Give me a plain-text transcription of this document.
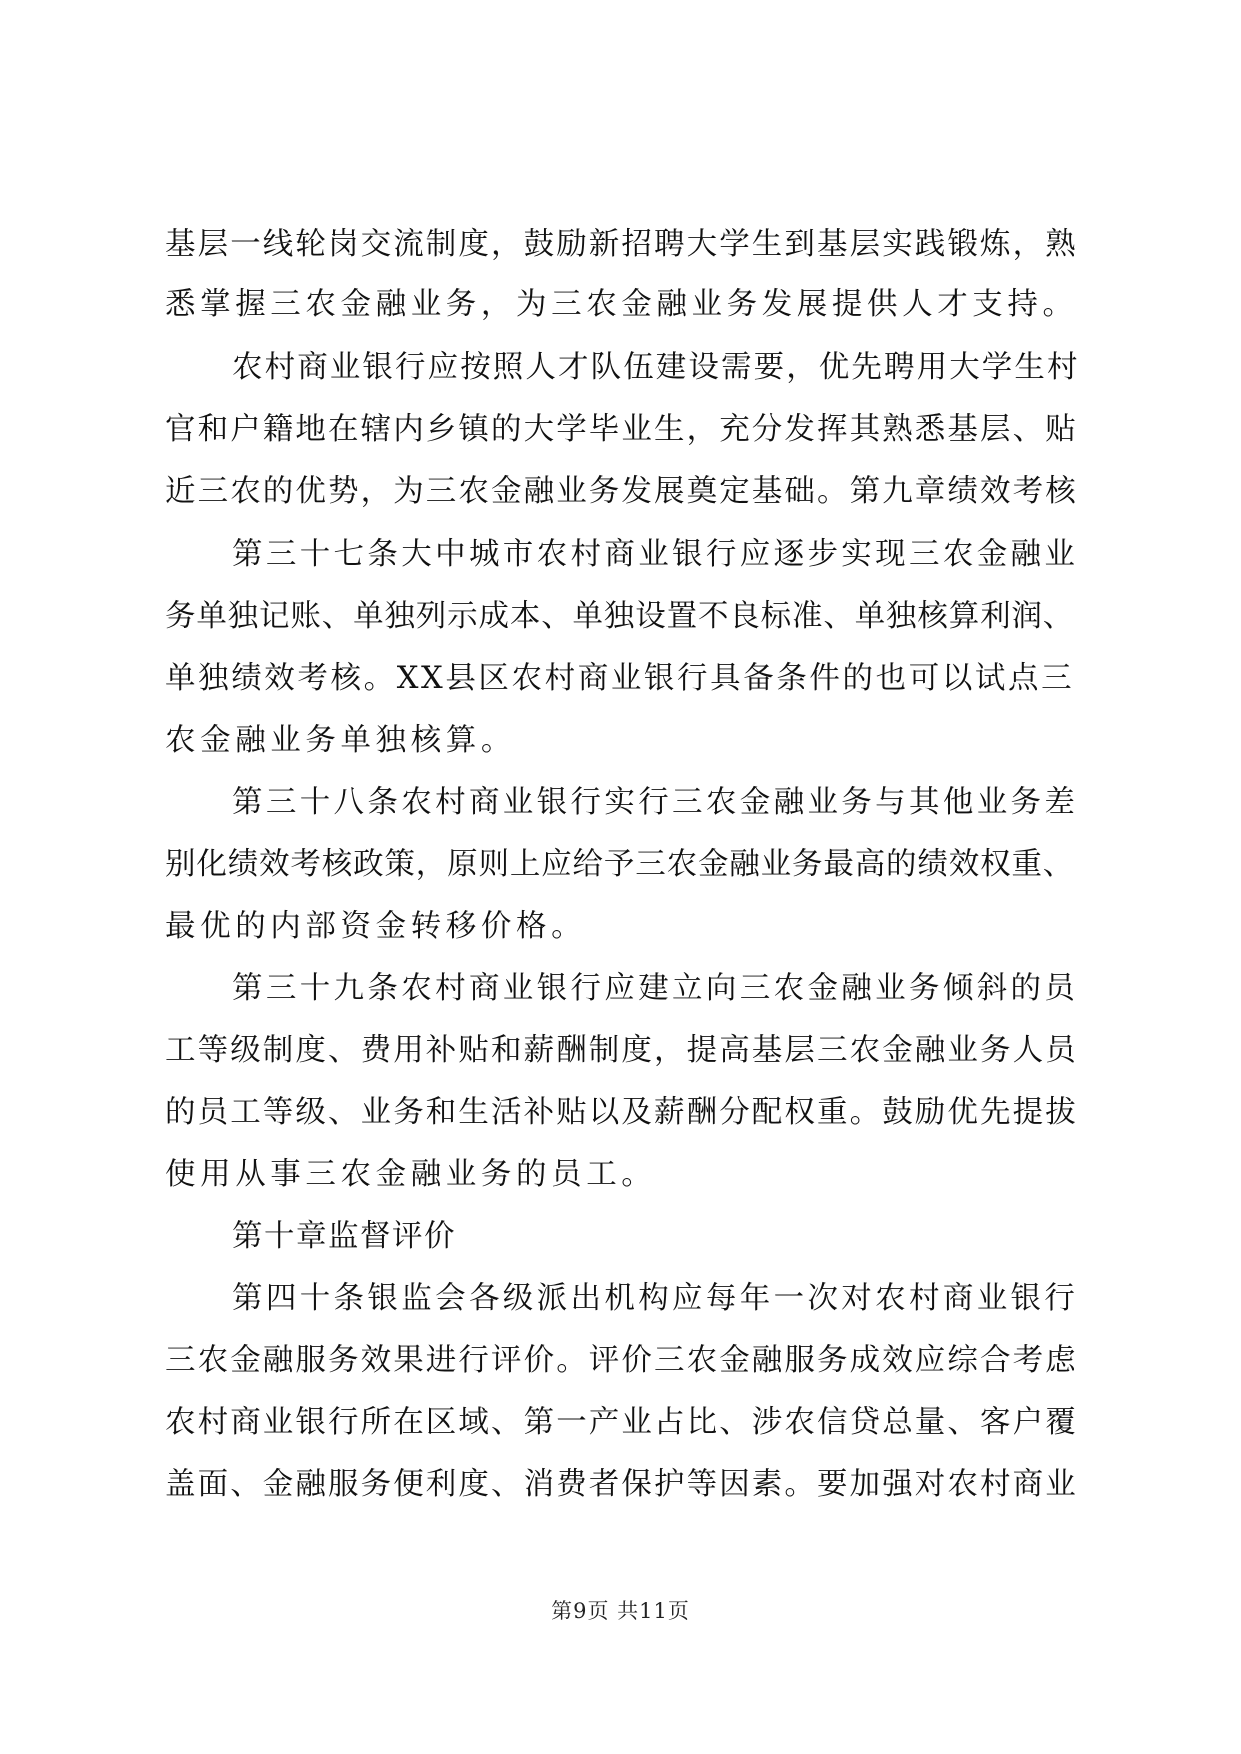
基层一线轮岗交流制度，鼓励新招聘大学生到基层实践锻炼，熟
悉掌握三农金融业务，为三农金融业务发展提供人才支持。
农村商业银行应按照人才队伍建设需要，优先聘用大学生村
官和户籍地在辖内乡镇的大学毕业生，充分发挥其熟悉基层、贴
近三农的优势，为三农金融业务发展奠定基础。第九章绩效考核
第三十七条大中城市农村商业银行应逐步实现三农金融业
务单独记账、单独列示成本、单独设置不良标准、单独核算利润、
单独绩效考核。XX县区农村商业银行具备条件的也可以试点三
农金融业务单独核算。
第三十八条农村商业银行实行三农金融业务与其他业务差
别化绩效考核政策，原则上应给予三农金融业务最高的绩效权重、
最优的内部资金转移价格。
第三十九条农村商业银行应建立向三农金融业务倾斜的员
工等级制度、费用补贴和薪酬制度，提高基层三农金融业务人员
的员工等级、业务和生活补贴以及薪酬分配权重。鼓励优先提拔
使用从事三农金融业务的员工。
第十章监督评价
第四十条银监会各级派出机构应每年一次对农村商业银行
三农金融服务效果进行评价。评价三农金融服务成效应综合考虑
农村商业银行所在区域、第一产业占比、涉农信贷总量、客户覆
盖面、金融服务便利度、消费者保护等因素。要加强对农村商业
第9页 共11页
